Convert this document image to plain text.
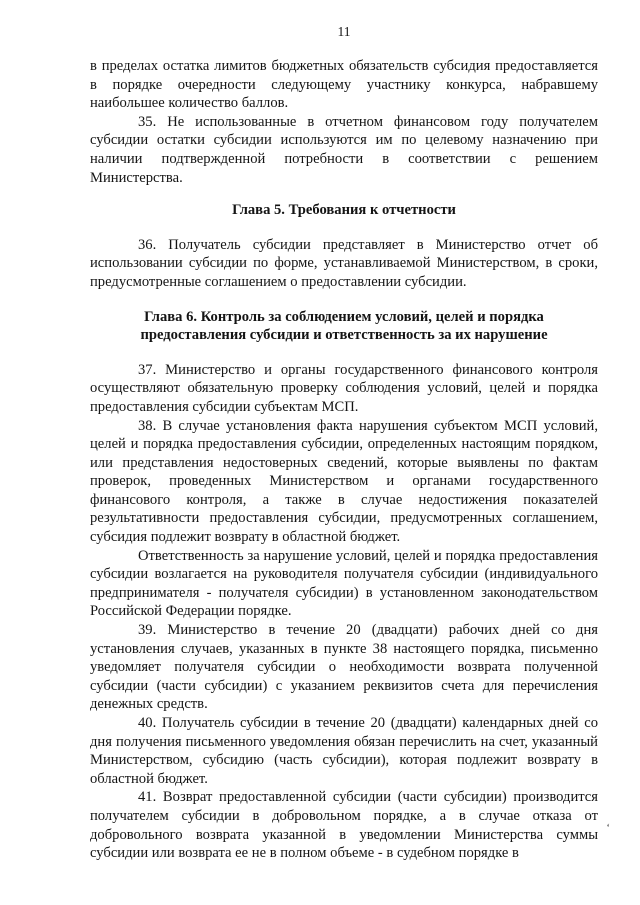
11

в пределах остатка лимитов бюджетных обязательств субсидия предоставляется в порядке очередности следующему участнику конкурса, набравшему наибольшее количество баллов.

35. Не использованные в отчетном финансовом году получателем субсидии остатки субсидии используются им по целевому назначению при наличии подтвержденной потребности в соответствии с решением Министерства.

Глава 5. Требования к отчетности

36. Получатель субсидии представляет в Министерство отчет об использовании субсидии по форме, устанавливаемой Министерством, в сроки, предусмотренные соглашением о предоставлении субсидии.

Глава 6. Контроль за соблюдением условий, целей и порядка
предоставления субсидии и ответственность за их нарушение

37. Министерство и органы государственного финансового контроля осуществляют обязательную проверку соблюдения условий, целей и порядка предоставления субсидии субъектам МСП.

38. В случае установления факта нарушения субъектом МСП условий, целей и порядка предоставления субсидии, определенных настоящим порядком, или представления недостоверных сведений, которые выявлены по фактам проверок, проведенных Министерством и органами государственного финансового контроля, а также в случае недостижения показателей результативности предоставления субсидии, предусмотренных соглашением, субсидия подлежит возврату в областной бюджет.

Ответственность за нарушение условий, целей и порядка предоставления субсидии возлагается на руководителя получателя субсидии (индивидуального предпринимателя - получателя субсидии) в установленном законодательством Российской Федерации порядке.

39. Министерство в течение 20 (двадцати) рабочих дней со дня установления случаев, указанных в пункте 38 настоящего порядка, письменно уведомляет получателя субсидии о необходимости возврата полученной субсидии (части субсидии) с указанием реквизитов счета для перечисления денежных средств.

40. Получатель субсидии в течение 20 (двадцати) календарных дней со дня получения письменного уведомления обязан перечислить на счет, указанный Министерством, субсидию (часть субсидии), которая подлежит возврату в областной бюджет.

41. Возврат предоставленной субсидии (части субсидии) производится получателем субсидии в добровольном порядке, а в случае отказа от добровольного возврата указанной в уведомлении Министерства суммы субсидии или возврата ее не в полном объеме - в судебном порядке в

‘
